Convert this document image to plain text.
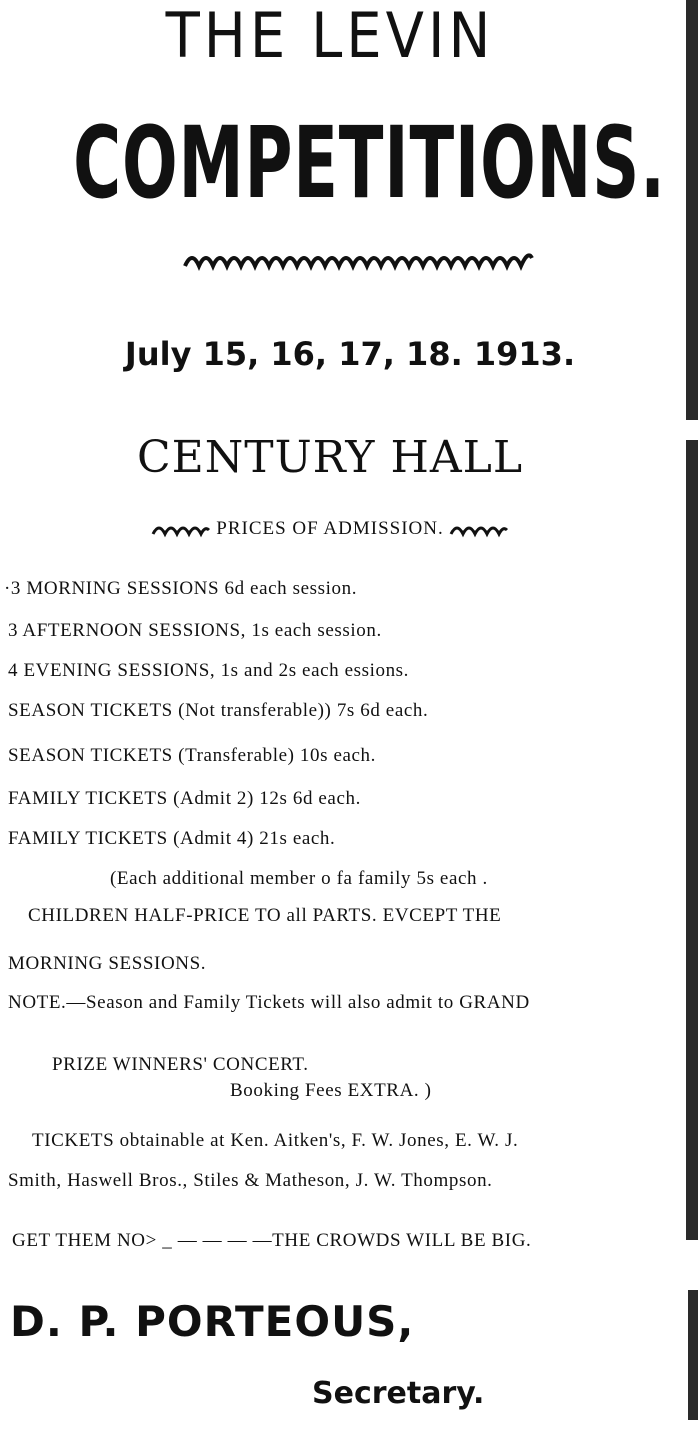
THE LEVIN
COMPETITIONS.
July 15, 16, 17, 18. 1913.
CENTURY HALL
PRICES OF ADMISSION.
·3 MORNING SESSIONS 6d each session.
3 AFTERNOON SESSIONS, 1s each session.
4 EVENING SESSIONS, 1s and 2s each essions.
SEASON TICKETS (Not transferable)) 7s 6d each.
SEASON TICKETS (Transferable) 10s each.
FAMILY TICKETS (Admit 2) 12s 6d each.
FAMILY TICKETS (Admit 4) 21s each.
(Each additional member o fa family 5s each .
CHILDREN HALF-PRICE TO all PARTS. EVCEPT THE
MORNING SESSIONS.
NOTE.—Season and Family Tickets will also admit to GRAND
PRIZE WINNERS' CONCERT.
Booking Fees EXTRA. )
TICKETS obtainable at Ken. Aitken's, F. W. Jones, E. W. J.
Smith, Haswell Bros., Stiles & Matheson, J. W. Thompson.
GET THEM NO> _ — — — —THE CROWDS WILL BE BIG.
D. P. PORTEOUS,
Secretary.
